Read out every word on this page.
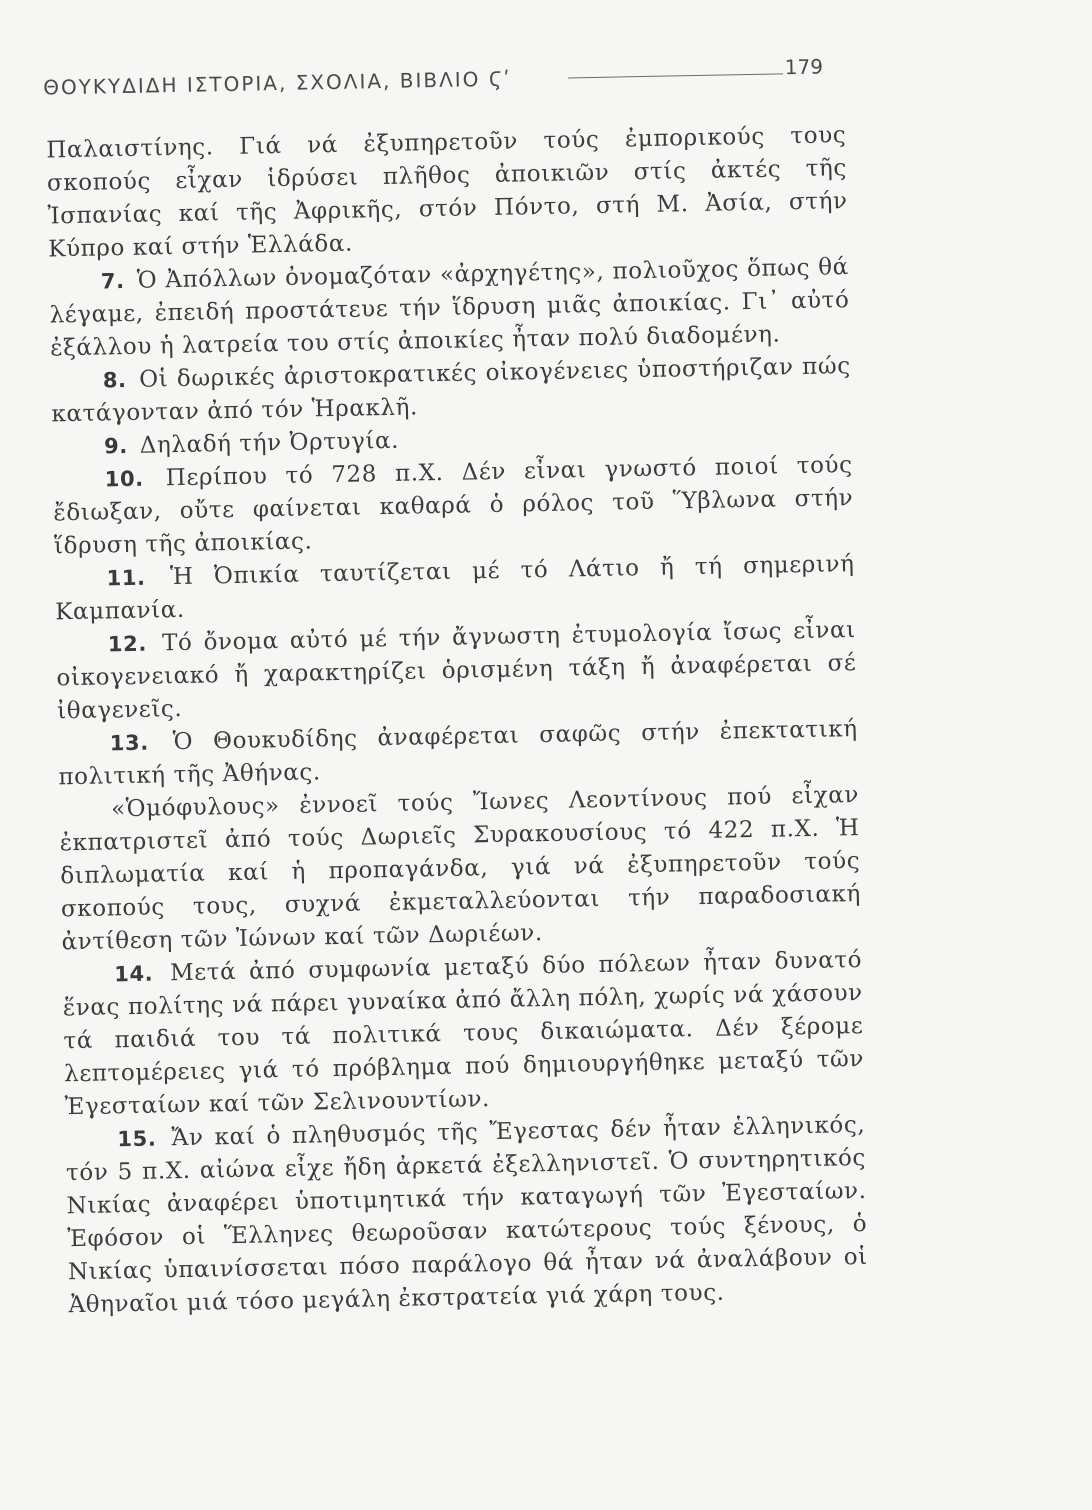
ΘΟΥΚΥΔΙΔΗ ΙΣΤΟΡΙΑ, ΣΧΟΛΙΑ, ΒΙΒΛΙΟ Ϛʹ	179

Παλαιστίνης. Γιά νά ἐξυπηρετοῦν τούς ἐμπορικούς τους σκοπούς εἶχαν ἱδρύσει πλῆθος ἀποικιῶν στίς ἀκτές τῆς Ἰσπανίας καί τῆς Ἀφρικῆς, στόν Πόντο, στή Μ. Ἀσία, στήν Κύπρο καί στήν Ἑλλάδα.

7. Ὁ Ἀπόλλων ὀνομαζόταν «ἀρχηγέτης», πολιοῦχος ὅπως θά λέγαμε, ἐπειδή προστάτευε τήν ἵδρυση μιᾶς ἀποικίας. Γι᾽ αὐτό ἐξάλλου ἡ λατρεία του στίς ἀποικίες ἦταν πολύ διαδομένη.

8. Οἱ δωρικές ἀριστοκρατικές οἰκογένειες ὑποστήριζαν πώς κατάγονταν ἀπό τόν Ἡρακλῆ.

9. Δηλαδή τήν Ὀρτυγία.

10. Περίπου τό 728 π.Χ. Δέν εἶναι γνωστό ποιοί τούς ἔδιωξαν, οὔτε φαίνεται καθαρά ὁ ρόλος τοῦ Ὕβλωνα στήν ἵδρυση τῆς ἀποικίας.

11. Ἡ Ὀπικία ταυτίζεται μέ τό Λάτιο ἤ τή σημερινή Καμπανία.

12. Τό ὄνομα αὐτό μέ τήν ἄγνωστη ἐτυμολογία ἴσως εἶναι οἰκογενειακό ἤ χαρακτηρίζει ὁρισμένη τάξη ἤ ἀναφέρεται σέ ἰθαγενεῖς.

13. Ὁ Θουκυδίδης ἀναφέρεται σαφῶς στήν ἐπεκτατική πολιτική τῆς Ἀθήνας.

«Ὁμόφυλους» ἐννοεῖ τούς Ἴωνες Λεοντίνους πού εἶχαν ἐκπατριστεῖ ἀπό τούς Δωριεῖς Συρακουσίους τό 422 π.Χ. Ἡ διπλωματία καί ἡ προπαγάνδα, γιά νά ἐξυπηρετοῦν τούς σκοπούς τους, συχνά ἐκμεταλλεύονται τήν παραδοσιακή ἀντίθεση τῶν Ἰώνων καί τῶν Δωριέων.

14. Μετά ἀπό συμφωνία μεταξύ δύο πόλεων ἦταν δυνατό ἕνας πολίτης νά πάρει γυναίκα ἀπό ἄλλη πόλη, χωρίς νά χάσουν τά παιδιά του τά πολιτικά τους δικαιώματα. Δέν ξέρομε λεπτομέρειες γιά τό πρόβλημα πού δημιουργήθηκε μεταξύ τῶν Ἐγεσταίων καί τῶν Σελινουντίων.

15. Ἄν καί ὁ πληθυσμός τῆς Ἔγεστας δέν ἦταν ἑλληνικός, τόν 5 π.Χ. αἰώνα εἶχε ἤδη ἀρκετά ἐξελληνιστεῖ. Ὁ συντηρητικός Νικίας ἀναφέρει ὑποτιμητικά τήν καταγωγή τῶν Ἐγεσταίων. Ἐφόσον οἱ Ἕλληνες θεωροῦσαν κατώτερους τούς ξένους, ὁ Νικίας ὑπαινίσσεται πόσο παράλογο θά ἦταν νά ἀναλάβουν οἱ Ἀθηναῖοι μιά τόσο μεγάλη ἐκστρατεία γιά χάρη τους.
